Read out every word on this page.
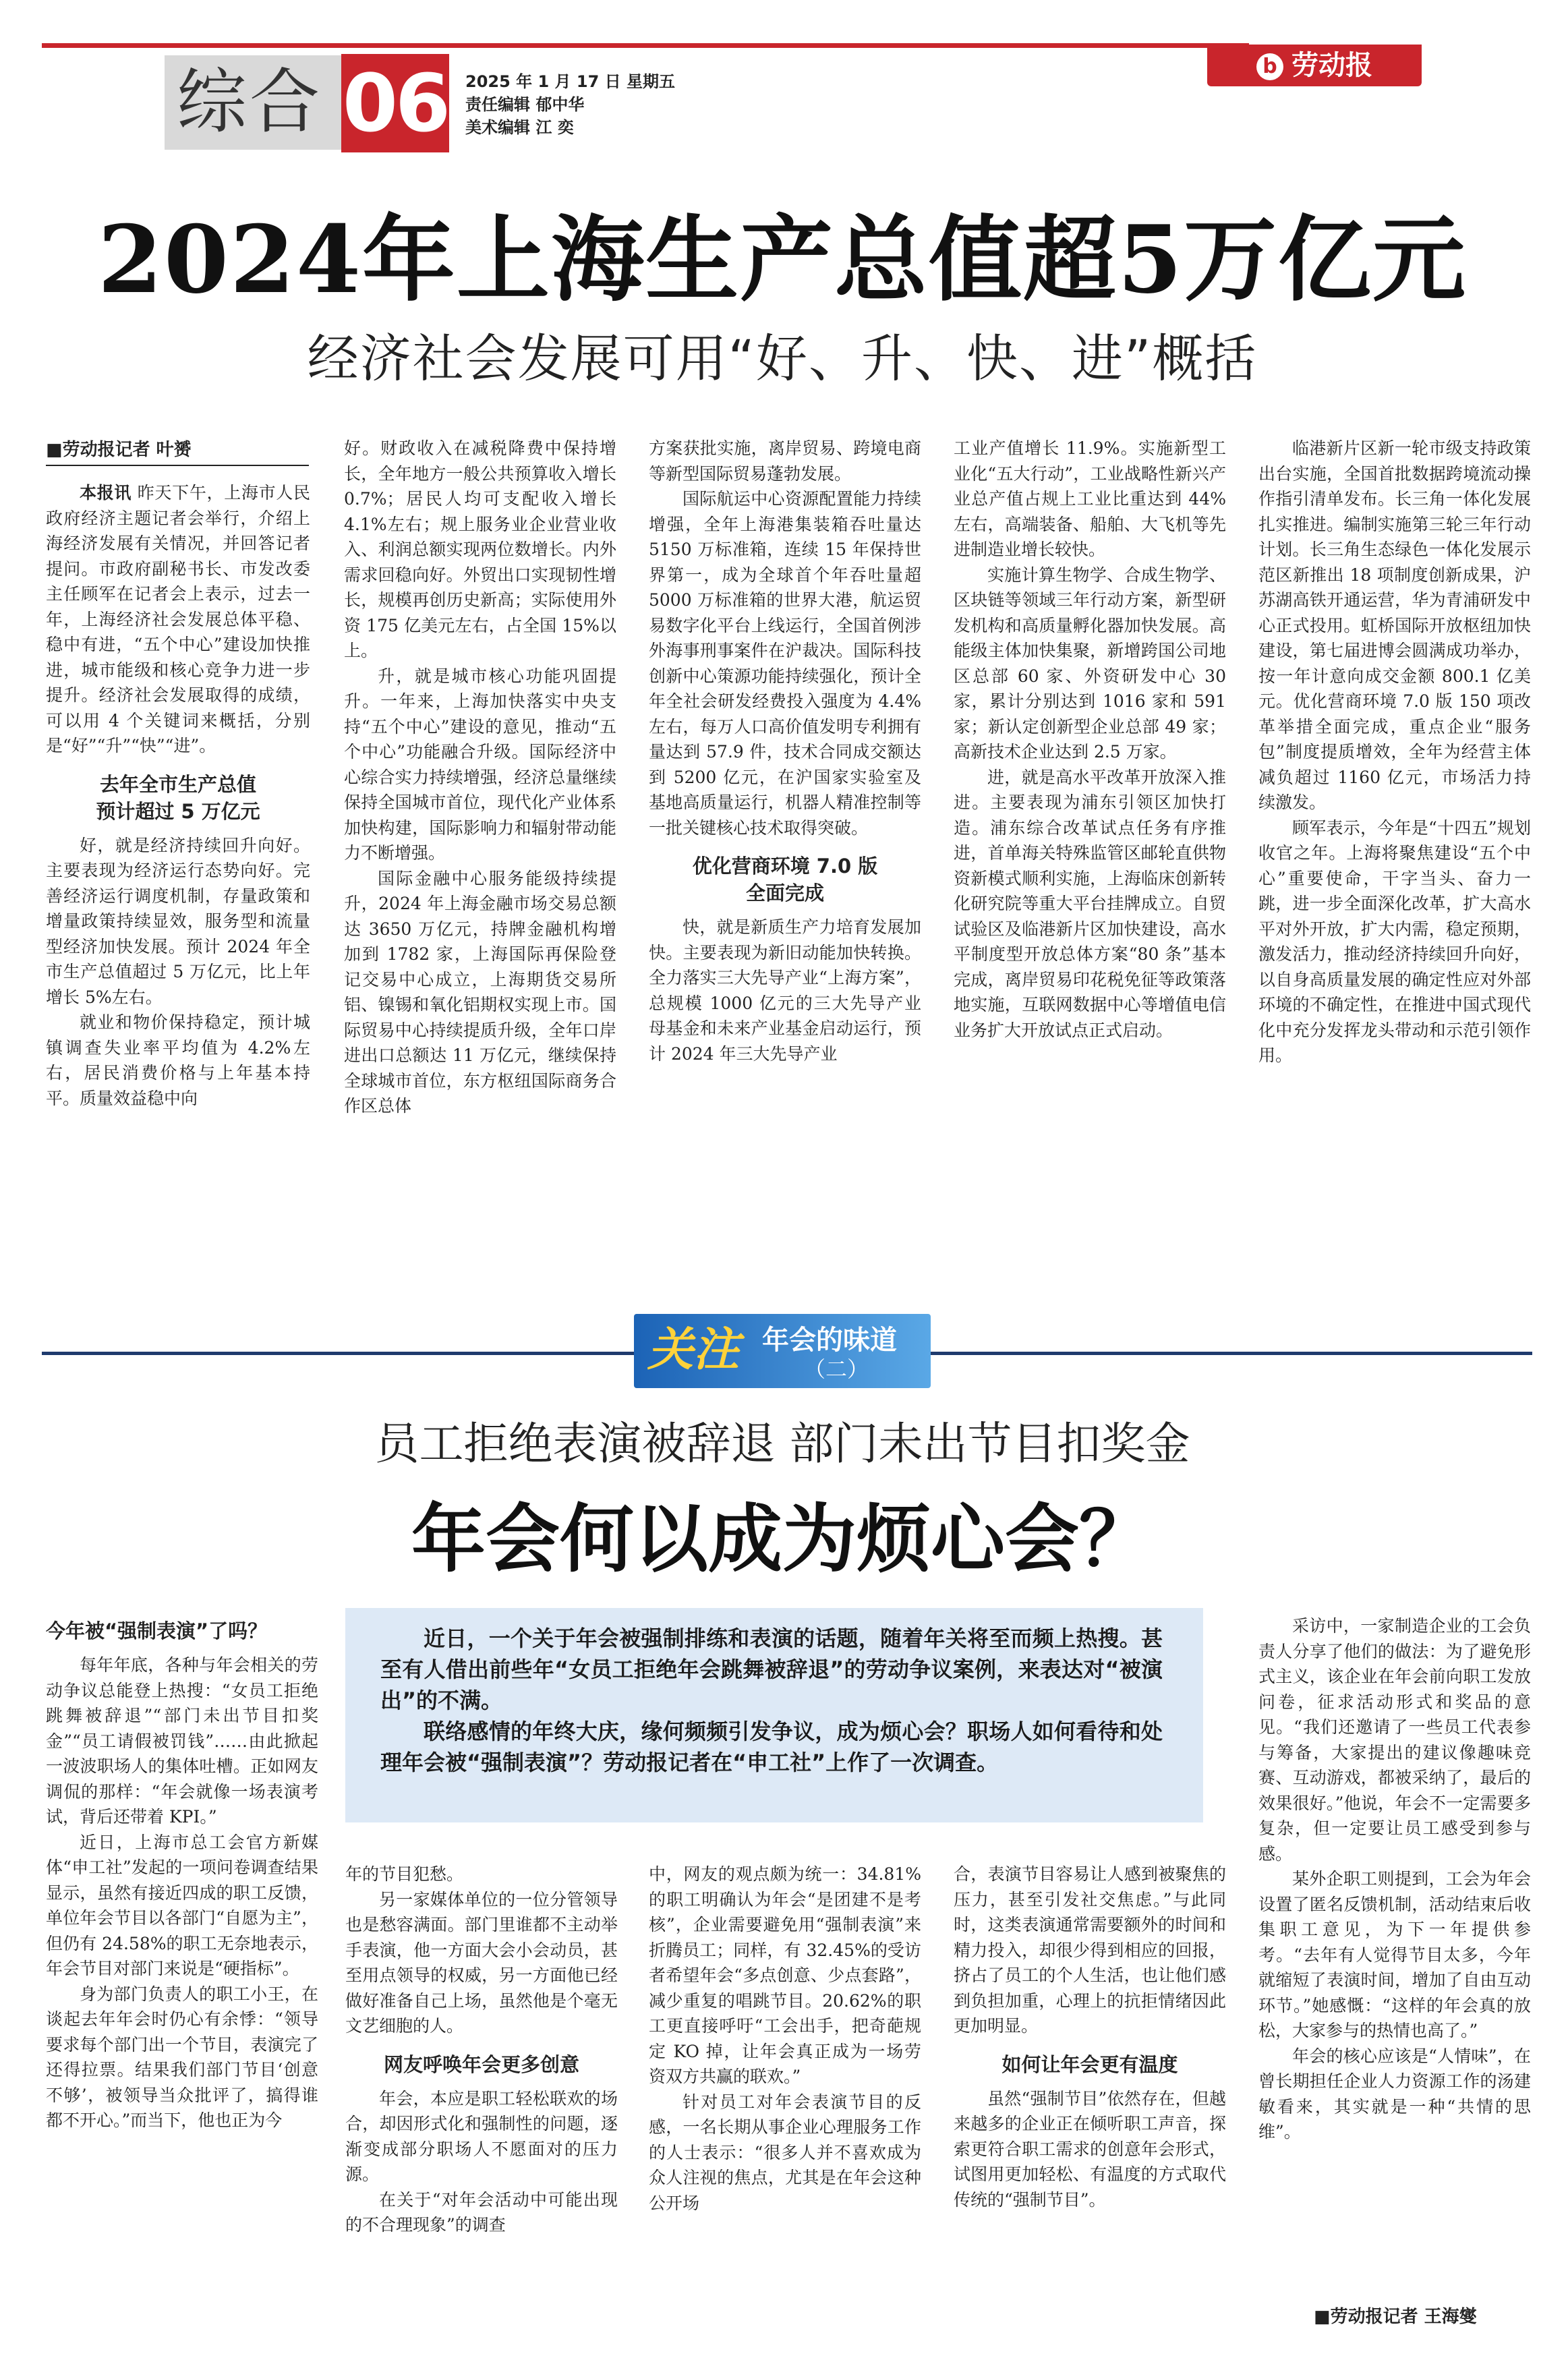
综合 06 2025 年 1 月 17 日 星期五
责任编辑 郁中华
美术编辑 江 奕
b 劳动报
2024年上海生产总值超5万亿元
经济社会发展可用“好、升、快、进”概括
■劳动报记者 叶赟

本报讯 昨天下午，上海市人民政府经济主题记者会举行，介绍上海经济发展有关情况，并回答记者提问。市政府副秘书长、市发改委主任顾军在记者会上表示，过去一年，上海经济社会发展总体平稳、稳中有进，“五个中心”建设加快推进，城市能级和核心竞争力进一步提升。经济社会发展取得的成绩，可以用 4 个关键词来概括，分别是“好”“升”“快”“进”。

去年全市生产总值
预计超过 5 万亿元

好，就是经济持续回升向好。主要表现为经济运行态势向好。完善经济运行调度机制，存量政策和增量政策持续显效，服务型和流量型经济加快发展。预计 2024 年全市生产总值超过 5 万亿元，比上年增长 5%左右。

就业和物价保持稳定，预计城镇调查失业率平均值为 4.2%左右，居民消费价格与上年基本持平。质量效益稳中向

好。财政收入在减税降费中保持增长，全年地方一般公共预算收入增长 0.7%；居民人均可支配收入增长 4.1%左右；规上服务业企业营业收入、利润总额实现两位数增长。内外需求回稳向好。外贸出口实现韧性增长，规模再创历史新高；实际使用外资 175 亿美元左右，占全国 15%以上。

升，就是城市核心功能巩固提升。一年来，上海加快落实中央支持“五个中心”建设的意见，推动“五个中心”功能融合升级。国际经济中心综合实力持续增强，经济总量继续保持全国城市首位，现代化产业体系加快构建，国际影响力和辐射带动能力不断增强。

国际金融中心服务能级持续提升，2024 年上海金融市场交易总额达 3650 万亿元，持牌金融机构增加到 1782 家，上海国际再保险登记交易中心成立，上海期货交易所铝、镍锡和氧化铝期权实现上市。国际贸易中心持续提质升级，全年口岸进出口总额达 11 万亿元，继续保持全球城市首位，东方枢纽国际商务合作区总体

方案获批实施，离岸贸易、跨境电商等新型国际贸易蓬勃发展。

国际航运中心资源配置能力持续增强，全年上海港集装箱吞吐量达 5150 万标准箱，连续 15 年保持世界第一，成为全球首个年吞吐量超 5000 万标准箱的世界大港，航运贸易数字化平台上线运行，全国首例涉外海事刑事案件在沪裁决。国际科技创新中心策源功能持续强化，预计全年全社会研发经费投入强度为 4.4%左右，每万人口高价值发明专利拥有量达到 57.9 件，技术合同成交额达到 5200 亿元，在沪国家实验室及基地高质量运行，机器人精准控制等一批关键核心技术取得突破。

优化营商环境 7.0 版
全面完成

快，就是新质生产力培育发展加快。主要表现为新旧动能加快转换。全力落实三大先导产业“上海方案”，总规模 1000 亿元的三大先导产业母基金和未来产业基金启动运行，预计 2024 年三大先导产业

工业产值增长 11.9%。实施新型工业化“五大行动”，工业战略性新兴产业总产值占规上工业比重达到 44%左右，高端装备、船舶、大飞机等先进制造业增长较快。

实施计算生物学、合成生物学、区块链等领域三年行动方案，新型研发机构和高质量孵化器加快发展。高能级主体加快集聚，新增跨国公司地区总部 60 家、外资研发中心 30 家，累计分别达到 1016 家和 591 家；新认定创新型企业总部 49 家；高新技术企业达到 2.5 万家。

进，就是高水平改革开放深入推进。主要表现为浦东引领区加快打造。浦东综合改革试点任务有序推进，首单海关特殊监管区邮轮直供物资新模式顺利实施，上海临床创新转化研究院等重大平台挂牌成立。自贸试验区及临港新片区加快建设，高水平制度型开放总体方案“80 条”基本完成，离岸贸易印花税免征等政策落地实施，互联网数据中心等增值电信业务扩大开放试点正式启动。

临港新片区新一轮市级支持政策出台实施，全国首批数据跨境流动操作指引清单发布。长三角一体化发展扎实推进。编制实施第三轮三年行动计划。长三角生态绿色一体化发展示范区新推出 18 项制度创新成果，沪苏湖高铁开通运营，华为青浦研发中心正式投用。虹桥国际开放枢纽加快建设，第七届进博会圆满成功举办，按一年计意向成交金额 800.1 亿美元。优化营商环境 7.0 版 150 项改革举措全面完成，重点企业“服务包”制度提质增效，全年为经营主体减负超过 1160 亿元，市场活力持续激发。

顾军表示，今年是“十四五”规划收官之年。上海将聚焦建设“五个中心”重要使命，干字当头、奋力一跳，进一步全面深化改革，扩大高水平对外开放，扩大内需，稳定预期，激发活力，推动经济持续回升向好，以自身高质量发展的确定性应对外部环境的不确定性，在推进中国式现代化中充分发挥龙头带动和示范引领作用。

关注 年会的味道
（二）
员工拒绝表演被辞退 部门未出节目扣奖金
年会何以成为烦心会？
今年被“强制表演”了吗？

每年年底，各种与年会相关的劳动争议总能登上热搜：“女员工拒绝跳舞被辞退”“部门未出节目扣奖金”“员工请假被罚钱”……由此掀起一波波职场人的集体吐槽。正如网友调侃的那样：“年会就像一场表演考试，背后还带着 KPI。”

近日，上海市总工会官方新媒体“申工社”发起的一项问卷调查结果显示，虽然有接近四成的职工反馈，单位年会节目以各部门“自愿为主”，但仍有 24.58%的职工无奈地表示，年会节目对部门来说是“硬指标”。

身为部门负责人的职工小王，在谈起去年年会时仍心有余悸：“领导要求每个部门出一个节目，表演完了还得拉票。结果我们部门节目‘创意不够’，被领导当众批评了，搞得谁都不开心。”而当下，他也正为今

近日，一个关于年会被强制排练和表演的话题，随着年关将至而频上热搜。甚至有人借出前些年“女员工拒绝年会跳舞被辞退”的劳动争议案例，来表达对“被演出”的不满。

联络感情的年终大庆，缘何频频引发争议，成为烦心会？职场人如何看待和处理年会被“强制表演”？劳动报记者在“申工社”上作了一次调查。

年的节目犯愁。

另一家媒体单位的一位分管领导也是愁容满面。部门里谁都不主动举手表演，他一方面大会小会动员，甚至用点领导的权威，另一方面他已经做好准备自己上场，虽然他是个毫无文艺细胞的人。

网友呼唤年会更多创意

年会，本应是职工轻松联欢的场合，却因形式化和强制性的问题，逐渐变成部分职场人不愿面对的压力源。

在关于“对年会活动中可能出现的不合理现象”的调查

中，网友的观点颇为统一：34.81%的职工明确认为年会“是团建不是考核”，企业需要避免用“强制表演”来折腾员工；同样，有 32.45%的受访者希望年会“多点创意、少点套路”，减少重复的唱跳节目。20.62%的职工更直接呼吁“工会出手，把奇葩规定 KO 掉，让年会真正成为一场劳资双方共赢的联欢。”

针对员工对年会表演节目的反感，一名长期从事企业心理服务工作的人士表示：“很多人并不喜欢成为众人注视的焦点，尤其是在年会这种公开场

合，表演节目容易让人感到被聚焦的压力，甚至引发社交焦虑。”与此同时，这类表演通常需要额外的时间和精力投入，却很少得到相应的回报，挤占了员工的个人生活，也让他们感到负担加重，心理上的抗拒情绪因此更加明显。

如何让年会更有温度

虽然“强制节目”依然存在，但越来越多的企业正在倾听职工声音，探索更符合职工需求的创意年会形式，试图用更加轻松、有温度的方式取代传统的“强制节目”。

采访中，一家制造企业的工会负责人分享了他们的做法：为了避免形式主义，该企业在年会前向职工发放问卷，征求活动形式和奖品的意见。“我们还邀请了一些员工代表参与筹备，大家提出的建议像趣味竞赛、互动游戏，都被采纳了，最后的效果很好。”他说，年会不一定需要多复杂，但一定要让员工感受到参与感。

某外企职工则提到，工会为年会设置了匿名反馈机制，活动结束后收集职工意见，为下一年提供参考。“去年有人觉得节目太多，今年就缩短了表演时间，增加了自由互动环节。”她感慨：“这样的年会真的放松，大家参与的热情也高了。”

年会的核心应该是“人情味”，在曾长期担任企业人力资源工作的汤建敏看来，其实就是一种“共情的思维”。

■劳动报记者 王海燮
